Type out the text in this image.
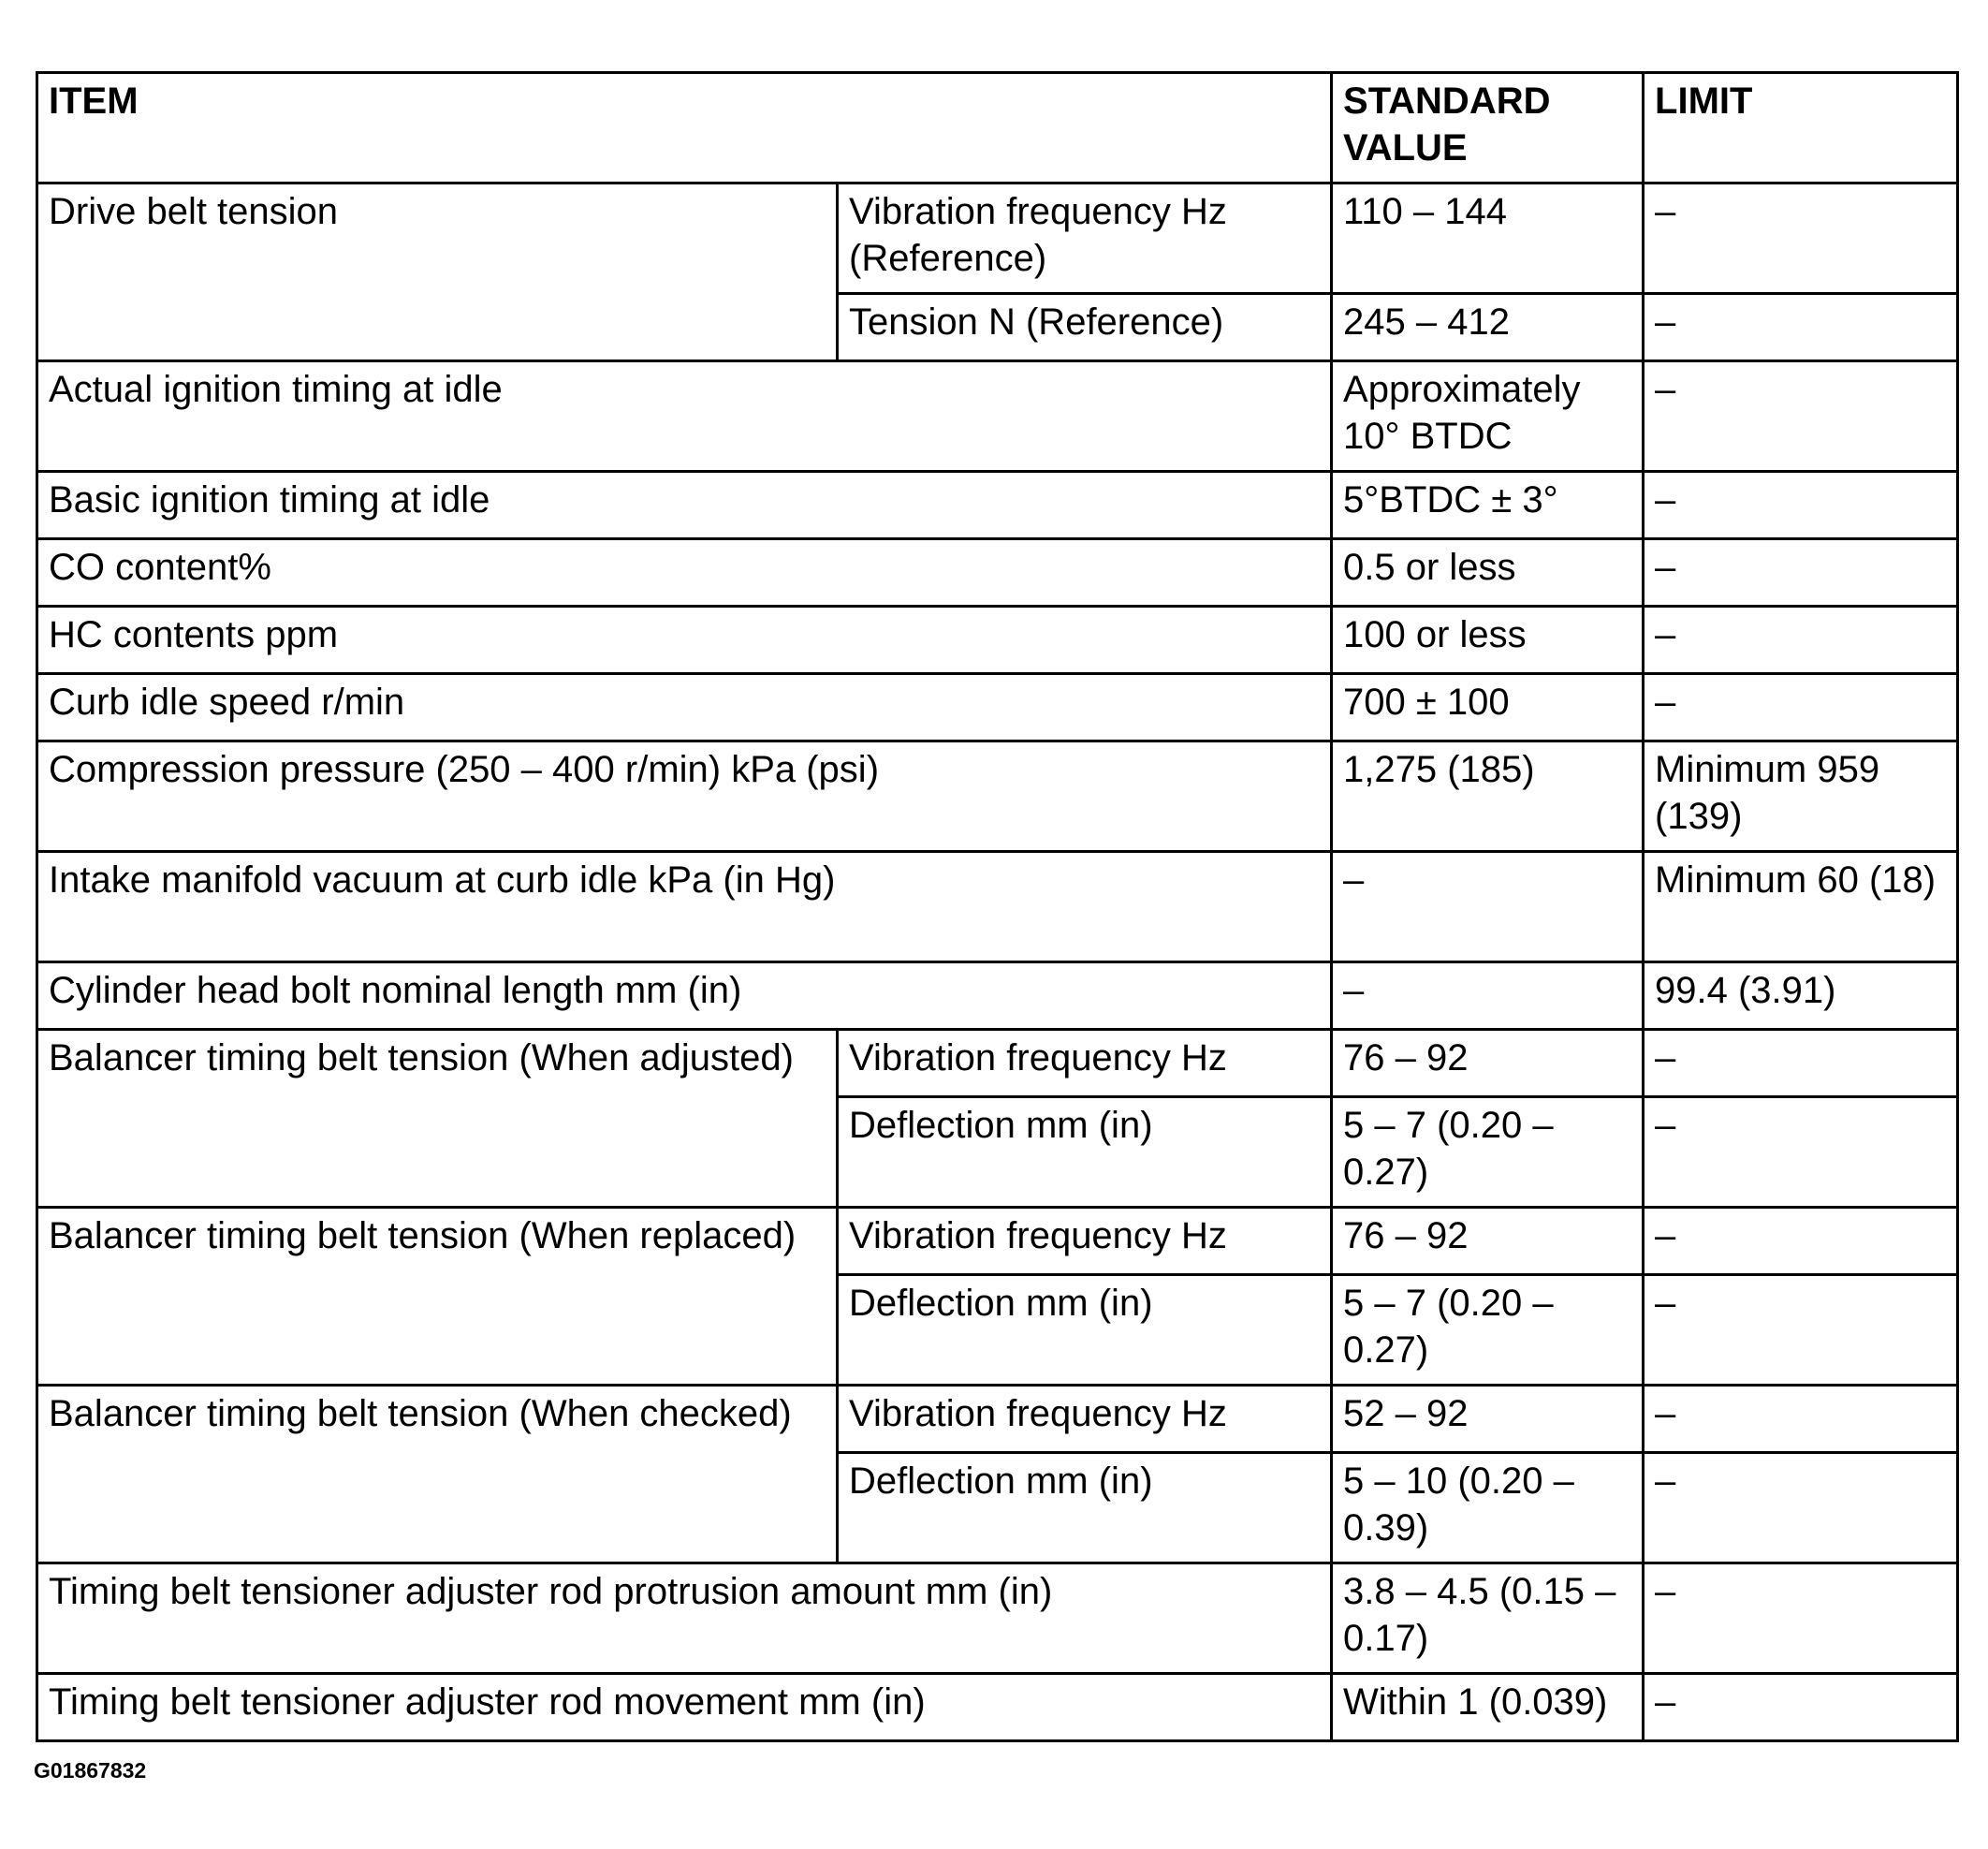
ITEM		STANDARD VALUE	LIMIT
Drive belt tension	Vibration frequency Hz (Reference)	110 – 144	–
	Tension N (Reference)	245 – 412	–
Actual ignition timing at idle		Approximately 10° BTDC	–
Basic ignition timing at idle		5°BTDC ± 3°	–
CO content%		0.5 or less	–
HC contents ppm		100 or less	–
Curb idle speed r/min		700 ± 100	–
Compression pressure (250 – 400 r/min) kPa (psi)		1,275 (185)	Minimum 959 (139)
Intake manifold vacuum at curb idle kPa (in Hg)		–	Minimum 60 (18)
Cylinder head bolt nominal length mm (in)		–	99.4 (3.91)
Balancer timing belt tension (When adjusted)	Vibration frequency Hz	76 – 92	–
	Deflection mm (in)	5 – 7 (0.20 – 0.27)	–
Balancer timing belt tension (When replaced)	Vibration frequency Hz	76 – 92	–
	Deflection mm (in)	5 – 7 (0.20 – 0.27)	–
Balancer timing belt tension (When checked)	Vibration frequency Hz	52 – 92	–
	Deflection mm (in)	5 – 10 (0.20 – 0.39)	–
Timing belt tensioner adjuster rod protrusion amount mm (in)		3.8 – 4.5 (0.15 – 0.17)	–
Timing belt tensioner adjuster rod movement mm (in)		Within 1 (0.039)	–
G01867832
